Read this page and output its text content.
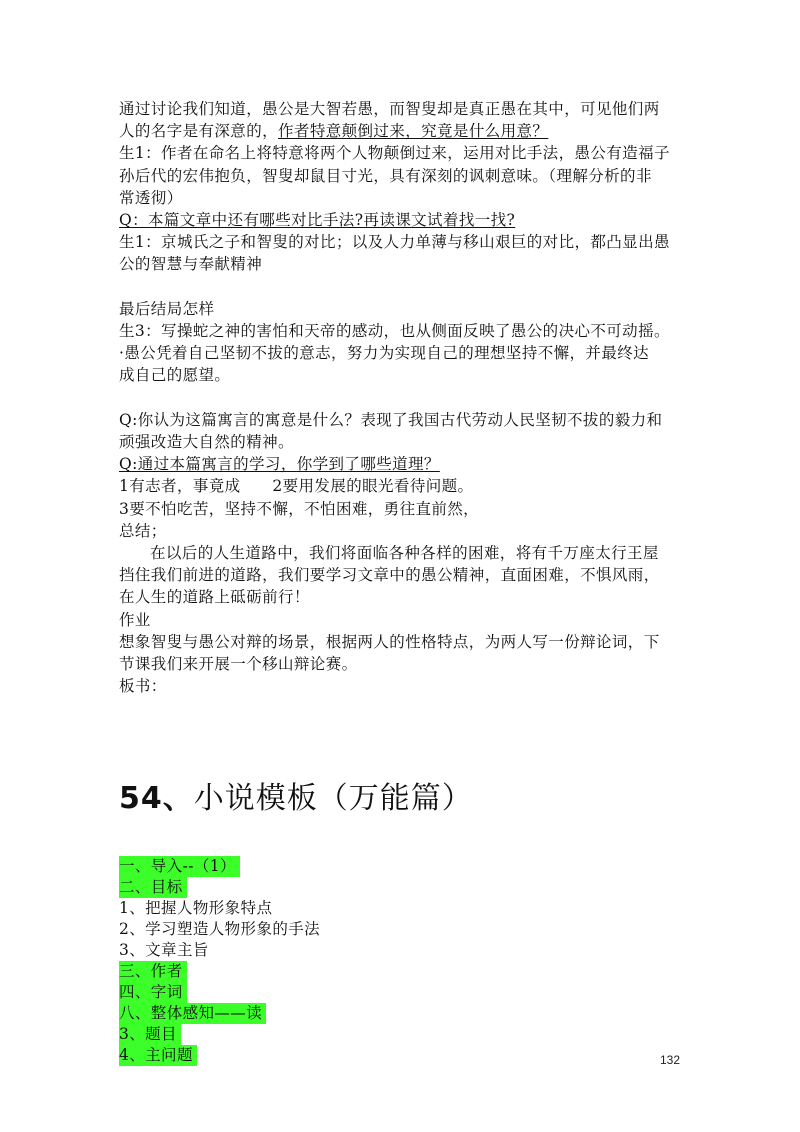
通过讨论我们知道，愚公是大智若愚，而智叟却是真正愚在其中，可见他们两
人的名字是有深意的，作者特意颠倒过来，究竟是什么用意？
生1：作者在命名上将特意将两个人物颠倒过来，运用对比手法，愚公有造福子
孙后代的宏伟抱负，智叟却鼠目寸光，具有深刻的讽刺意味。（理解分析的非
常透彻）
Q：本篇文章中还有哪些对比手法?再读课文试着找一找?
生1：京城氏之子和智叟的对比；以及人力单薄与移山艰巨的对比，都凸显出愚
公的智慧与奉献精神
最后结局怎样
生3：写操蛇之神的害怕和天帝的感动，也从侧面反映了愚公的决心不可动摇。
·愚公凭着自己坚韧不拔的意志，努力为实现自己的理想坚持不懈，并最终达
成自己的愿望。
Q:你认为这篇寓言的寓意是什么？表现了我国古代劳动人民坚韧不拔的毅力和
顽强改造大自然的精神。
Q:通过本篇寓言的学习，你学到了哪些道理？
1有志者，事竟成　　2要用发展的眼光看待问题。
3要不怕吃苦，坚持不懈，不怕困难，勇往直前然，
总结；
在以后的人生道路中，我们将面临各种各样的困难，将有千万座太行王屋
挡住我们前进的道路，我们要学习文章中的愚公精神，直面困难，不惧风雨，
在人生的道路上砥砺前行！
作业
想象智叟与愚公对辩的场景，根据两人的性格特点，为两人写一份辩论词，下
节课我们来开展一个移山辩论赛。
板书：
54、小说模板（万能篇）
一、导入--（1）
二、目标
1、把握人物形象特点
2、学习塑造人物形象的手法
3、文章主旨
三、作者
四、字词
八、整体感知——读
3、题目
4、主问题	132
